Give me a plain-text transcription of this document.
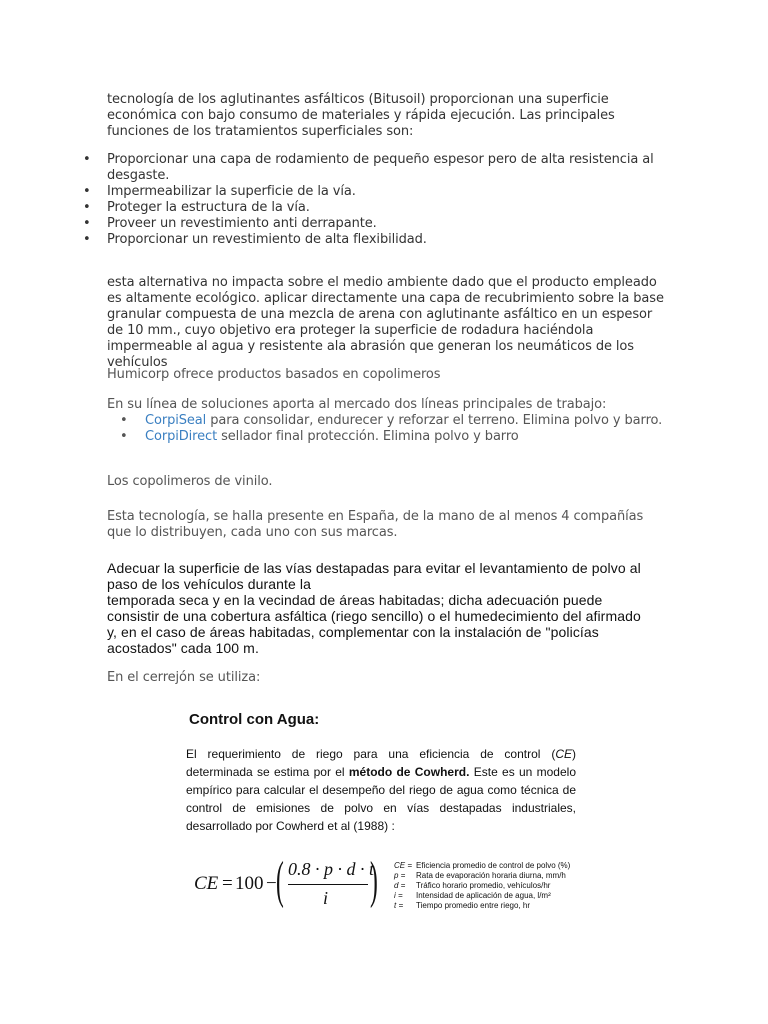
tecnología de los aglutinantes asfálticos (Bitusoil) proporcionan una superficie económica con bajo consumo de materiales y rápida ejecución. Las principales funciones de los tratamientos superficiales son:
• Proporcionar una capa de rodamiento de pequeño espesor pero de alta resistencia al desgaste.
• Impermeabilizar la superficie de la vía.
• Proteger la estructura de la vía.
• Proveer un revestimiento anti derrapante.
• Proporcionar un revestimiento de alta flexibilidad.
esta alternativa no impacta sobre el medio ambiente dado que el producto empleado es altamente ecológico. aplicar directamente una capa de recubrimiento sobre la base granular compuesta de una mezcla de arena con aglutinante asfáltico en un espesor de 10 mm., cuyo objetivo era proteger la superficie de rodadura haciéndola impermeable al agua y resistente ala abrasión que generan los neumáticos de los vehículos
Humicorp ofrece productos basados en copolimeros
En su línea de soluciones aporta al mercado dos líneas principales de trabajo:
• CorpiSeal para consolidar, endurecer y reforzar el terreno. Elimina polvo y barro.
• CorpiDirect sellador final protección. Elimina polvo y barro
Los copolimeros de vinilo.
Esta tecnología, se halla presente en España, de la mano de al menos 4 compañías que lo distribuyen, cada uno con sus marcas.
Adecuar la superficie de las vías destapadas para evitar el levantamiento de polvo al paso de los vehículos durante la
temporada seca y en la vecindad de áreas habitadas; dicha adecuación puede consistir de una cobertura asfáltica (riego sencillo) o el humedecimiento del afirmado y, en el caso de áreas habitadas, complementar con la instalación de "policías acostados" cada 100 m.
En el cerrejón se utiliza:
Control con Agua:
El requerimiento de riego para una eficiencia de control (CE) determinada se estima por el método de Cowherd. Este es un modelo empírico para calcular el desempeño del riego de agua como técnica de control de emisiones de polvo en vías destapadas industriales, desarrollado por Cowherd et al (1988) :
CE = 100 − ( 0.8 · p · d · t
i ) CE = Eficiencia promedio de control de polvo (%)
p =	Rata de evaporación horaria diurna, mm/h
d =	Tráfico horario promedio, vehículos/hr
i =	Intensidad de aplicación de agua, l/m²
t =	Tiempo promedio entre riego, hr
